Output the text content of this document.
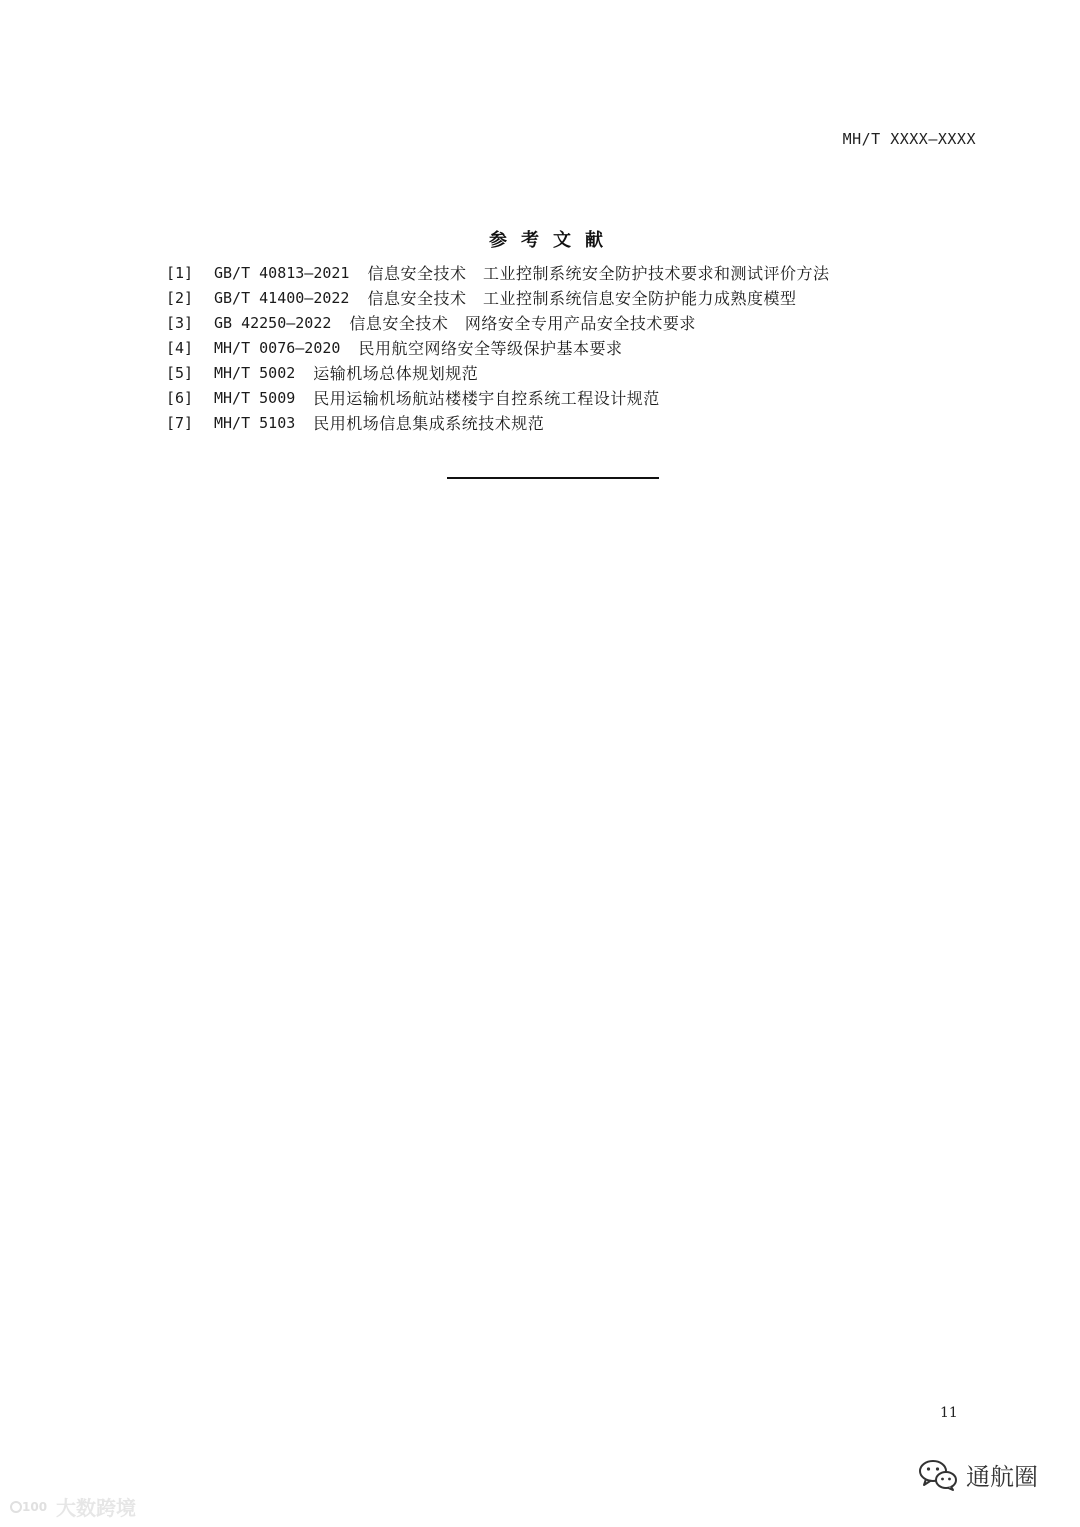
MH/T XXXX—XXXX
参考文献
[1]	GB/T 40813—2021 信息安全技术　工业控制系统安全防护技术要求和测试评价方法
[2]	GB/T 41400—2022 信息安全技术　工业控制系统信息安全防护能力成熟度模型
[3]	GB 42250—2022 信息安全技术　网络安全专用产品安全技术要求
[4]	MH/T 0076—2020 民用航空网络安全等级保护基本要求
[5]	MH/T 5002 运输机场总体规划规范
[6]	MH/T 5009 民用运输机场航站楼楼宇自控系统工程设计规范
[7]	MH/T 5103 民用机场信息集成系统技术规范
11
100 大数跨境
通航圈
